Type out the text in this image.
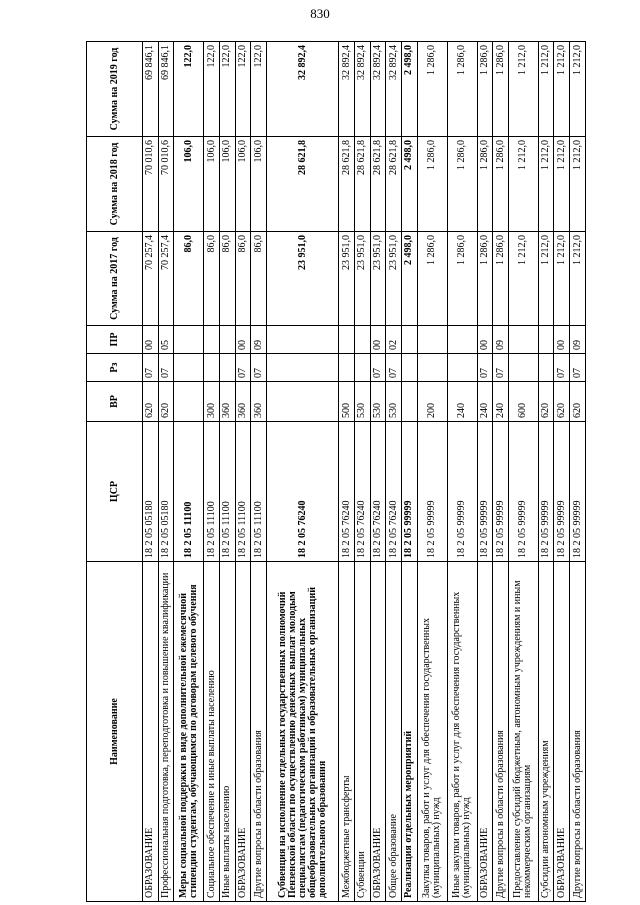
830
Наименование	ЦСР	ВР	Рз	ПР	Сумма на 2017 год	Сумма на 2018 год	Сумма на 2019 год
ОБРАЗОВАНИЕ	18 2 05 05180	620	07	00	70 257,4	70 010,6	69 846,1
Профессиональная подготовка, переподготовка и повышение квалификации	18 2 05 05180	620	07	05	70 257,4	70 010,6	69 846,1
Меры социальной поддержки в виде дополнительной ежемесячной стипендии студентам, обучающимся по договорам целевого обучения	18 2 05 11100				86,0	106,0	122,0
Социальное обеспечение и иные выплаты населению	18 2 05 11100	300			86,0	106,0	122,0
Иные выплаты населению	18 2 05 11100	360			86,0	106,0	122,0
ОБРАЗОВАНИЕ	18 2 05 11100	360	07	00	86,0	106,0	122,0
Другие вопросы в области образования	18 2 05 11100	360	07	09	86,0	106,0	122,0
Субвенция на исполнение отдельных государственных полномочий Пензенской области по осуществлению денежных выплат молодым специалистам (педагогическим работникам) муниципальных общеобразовательных организаций и образовательных организаций дополнительного образования	18 2 05 76240				23 951,0	28 621,8	32 892,4
Межбюджетные трансферты	18 2 05 76240	500			23 951,0	28 621,8	32 892,4
Субвенции	18 2 05 76240	530			23 951,0	28 621,8	32 892,4
ОБРАЗОВАНИЕ	18 2 05 76240	530	07	00	23 951,0	28 621,8	32 892,4
Общее образование	18 2 05 76240	530	07	02	23 951,0	28 621,8	32 892,4
Реализация отдельных мероприятий	18 2 05 99999				2 498,0	2 498,0	2 498,0
Закупка товаров, работ и услуг для обеспечения государственных (муниципальных) нужд	18 2 05 99999	200			1 286,0	1 286,0	1 286,0
Иные закупки товаров, работ и услуг для обеспечения государственных (муниципальных) нужд	18 2 05 99999	240			1 286,0	1 286,0	1 286,0
ОБРАЗОВАНИЕ	18 2 05 99999	240	07	00	1 286,0	1 286,0	1 286,0
Другие вопросы в области образования	18 2 05 99999	240	07	09	1 286,0	1 286,0	1 286,0
Предоставление субсидий бюджетным, автономным учреждениям и иным некоммерческим организациям	18 2 05 99999	600			1 212,0	1 212,0	1 212,0
Субсидии автономным учреждениям	18 2 05 99999	620			1 212,0	1 212,0	1 212,0
ОБРАЗОВАНИЕ	18 2 05 99999	620	07	00	1 212,0	1 212,0	1 212,0
Другие вопросы в области образования	18 2 05 99999	620	07	09	1 212,0	1 212,0	1 212,0
